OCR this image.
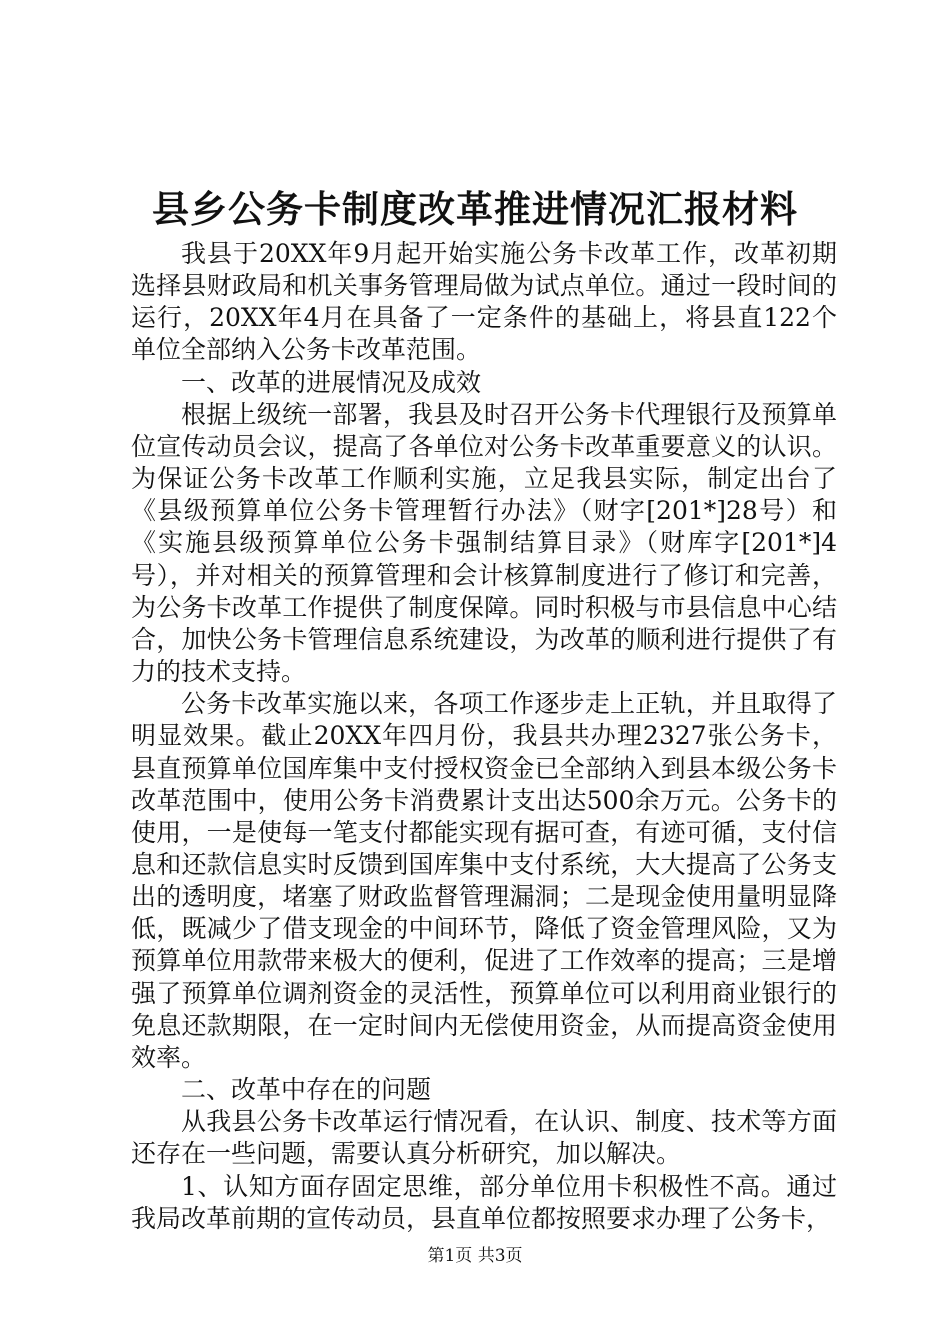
县乡公务卡制度改革推进情况汇报材料

我县于20XX年9月起开始实施公务卡改革工作，改革初期选择县财政局和机关事务管理局做为试点单位。通过一段时间的运行，20XX年4月在具备了一定条件的基础上，将县直122个单位全部纳入公务卡改革范围。

一、改革的进展情况及成效

根据上级统一部署，我县及时召开公务卡代理银行及预算单位宣传动员会议，提高了各单位对公务卡改革重要意义的认识。为保证公务卡改革工作顺利实施，立足我县实际，制定出台了《县级预算单位公务卡管理暂行办法》（财字[201*]28号）和《实施县级预算单位公务卡强制结算目录》（财库字[201*]4号），并对相关的预算管理和会计核算制度进行了修订和完善，为公务卡改革工作提供了制度保障。同时积极与市县信息中心结合，加快公务卡管理信息系统建设，为改革的顺利进行提供了有力的技术支持。

公务卡改革实施以来，各项工作逐步走上正轨，并且取得了明显效果。截止20XX年四月份，我县共办理2327张公务卡，县直预算单位国库集中支付授权资金已全部纳入到县本级公务卡改革范围中，使用公务卡消费累计支出达500余万元。公务卡的使用，一是使每一笔支付都能实现有据可查，有迹可循，支付信息和还款信息实时反馈到国库集中支付系统，大大提高了公务支出的透明度，堵塞了财政监督管理漏洞；二是现金使用量明显降低，既减少了借支现金的中间环节，降低了资金管理风险，又为预算单位用款带来极大的便利，促进了工作效率的提高；三是增强了预算单位调剂资金的灵活性，预算单位可以利用商业银行的免息还款期限，在一定时间内无偿使用资金，从而提高资金使用效率。

二、改革中存在的问题

从我县公务卡改革运行情况看，在认识、制度、技术等方面还存在一些问题，需要认真分析研究，加以解决。

1、认知方面存固定思维，部分单位用卡积极性不高。通过我局改革前期的宣传动员，县直单位都按照要求办理了公务卡，

第1页 共3页
